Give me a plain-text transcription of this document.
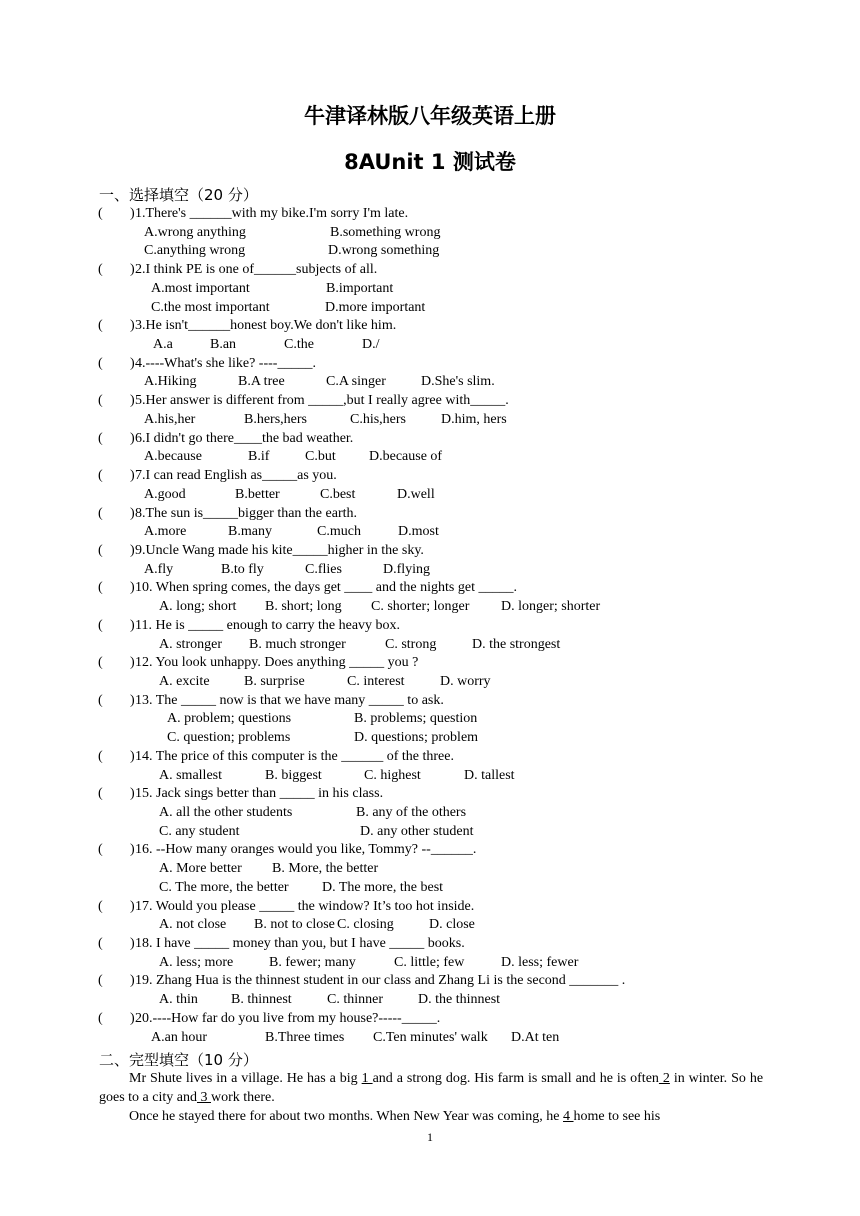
牛津译林版八年级英语上册
8AUnit 1 测试卷
一、选择填空（20 分）
( ) 1.There's ______with my bike.I'm sorry I'm late.
A.wrong anything	B.something wrong
C.anything wrong	D.wrong something
( ) 2.I think PE is one of______subjects of all.
A.most important	B.important
C.the most important	D.more important
( ) 3.He isn't______honest boy.We don't like him.
A.a	B.an	C.the	D./
( ) 4.----What's she like? ----_____.
A.Hiking	B.A tree	C.A singer	D.She's slim.
( ) 5.Her answer is different from _____,but I really agree with_____.
A.his,her	B.hers,hers	C.his,hers	D.him, hers
( ) 6.I didn't go there____the bad weather.
A.because	B.if	C.but D.because of
( ) 7.I can read English as_____as you.
A.good	B.better	C.best	D.well
( ) 8.The sun is_____bigger than the earth.
A.more	B.many	C.much	D.most
( ) 9.Uncle Wang made his kite_____higher in the sky.
A.fly	B.to fly	C.flies	D.flying
( ) 10. When spring comes, the days get ____ and the nights get _____.
A. long; short B. short; long C. shorter; longer D. longer; shorter
( ) 11. He is _____ enough to carry the heavy box.
A. stronger B. much stronger	C. strong	D. the strongest
( ) 12. You look unhappy. Does anything _____ you ?
A. excite B. surprise	C. interest	D. worry
( ) 13. The _____ now is that we have many _____ to ask.
A. problem; questions	B. problems; question
C. question; problems	D. questions; problem
( ) 14. The price of this computer is the ______ of the three.
A. smallest	B. biggest	C. highest	D. tallest
( ) 15. Jack sings better than _____ in his class.
A. all the other students	B. any of the others
C. any student	D. any other student
( ) 16. --How many oranges would you like, Tommy? --______.
A. More better B. More, the better
C. The more, the better D. The more, the best
( ) 17. Would you please _____ the window? It’s too hot inside.
A. not close B. not to close C. closing	D. close
( ) 18. I have _____ money than you, but I have _____ books.
A. less; more	B. fewer; many	C. little; few	D. less; fewer
( ) 19. Zhang Hua is the thinnest student in our class and Zhang Li is the second _______ .
A. thin B. thinnest	C. thinner	D. the thinnest
( ) 20.----How far do you live from my house?-----_____.
A.an hour	B.Three times C.Ten minutes' walk D.At ten
二、完型填空（10 分）

Mr Shute lives in a village. He has a big 1 and a strong dog. His farm is small and he is often 2 in winter. So he goes to a city and 3 work there.

Once he stayed there for about two months. When New Year was coming, he 4 home to see his

1
